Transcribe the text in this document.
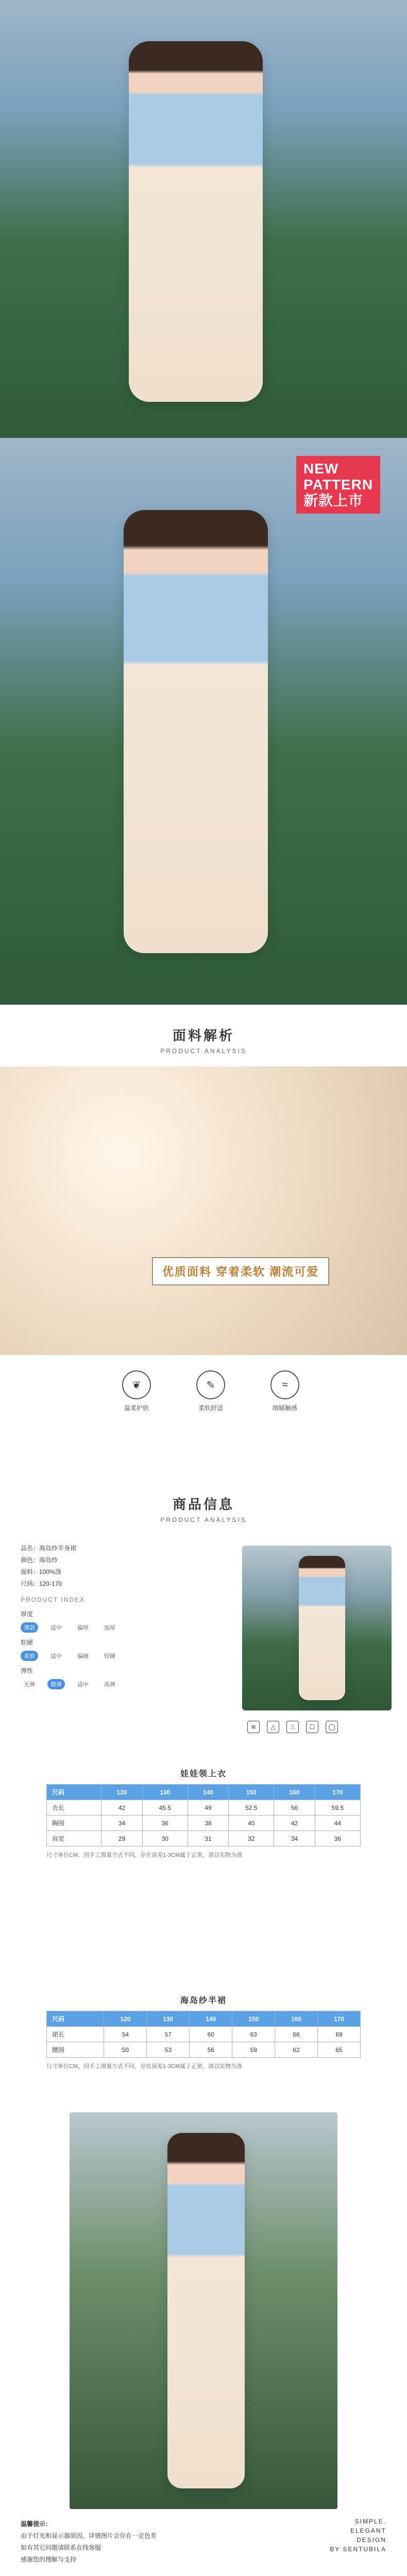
NEW
PATTERN
新款上市
面料解析
PRODUCT ANALYSIS
优质面料 穿着柔软 潮流可爱
❦
温柔护肤
✎
柔软舒适
≈
细腻触感
商品信息
PRODUCT ANALYSIS
品名：海岛纱半身裙
颜色：海岛纱
面料：100%涤
尺码：120-170
PRODUCT INDEX
厚度
薄款	适中	偏厚	加厚
软硬
柔软	适中	偏硬	较硬
弹性
无弹	微弹	适中	高弹
≋	△	⎍	☐	◯
娃娃领上衣
尺码	120	130	140	150	160	170
衣长	42	45.5	49	52.5	56	59.5
胸围	34	36	38	40	42	44
肩宽	29	30	31	32	34	36
尺寸单位CM，因手工测量方式不同，存在误差1-3CM属于正常，请以实物为准
海岛纱半裙
尺码	120	130	140	150	160	170
裙长	54	57	60	63	66	69
腰围	50	53	56	59	62	65
尺寸单位CM，因手工测量方式不同，存在误差1-3CM属于正常，请以实物为准
温馨提示：
由于灯光和显示器原因，详情图片会存在一定色差
如有其它问题请联系在线客服
感谢您的理解与支持
SIMPLE.
ELEGANT
DESIGN
BY SENTUBILA
